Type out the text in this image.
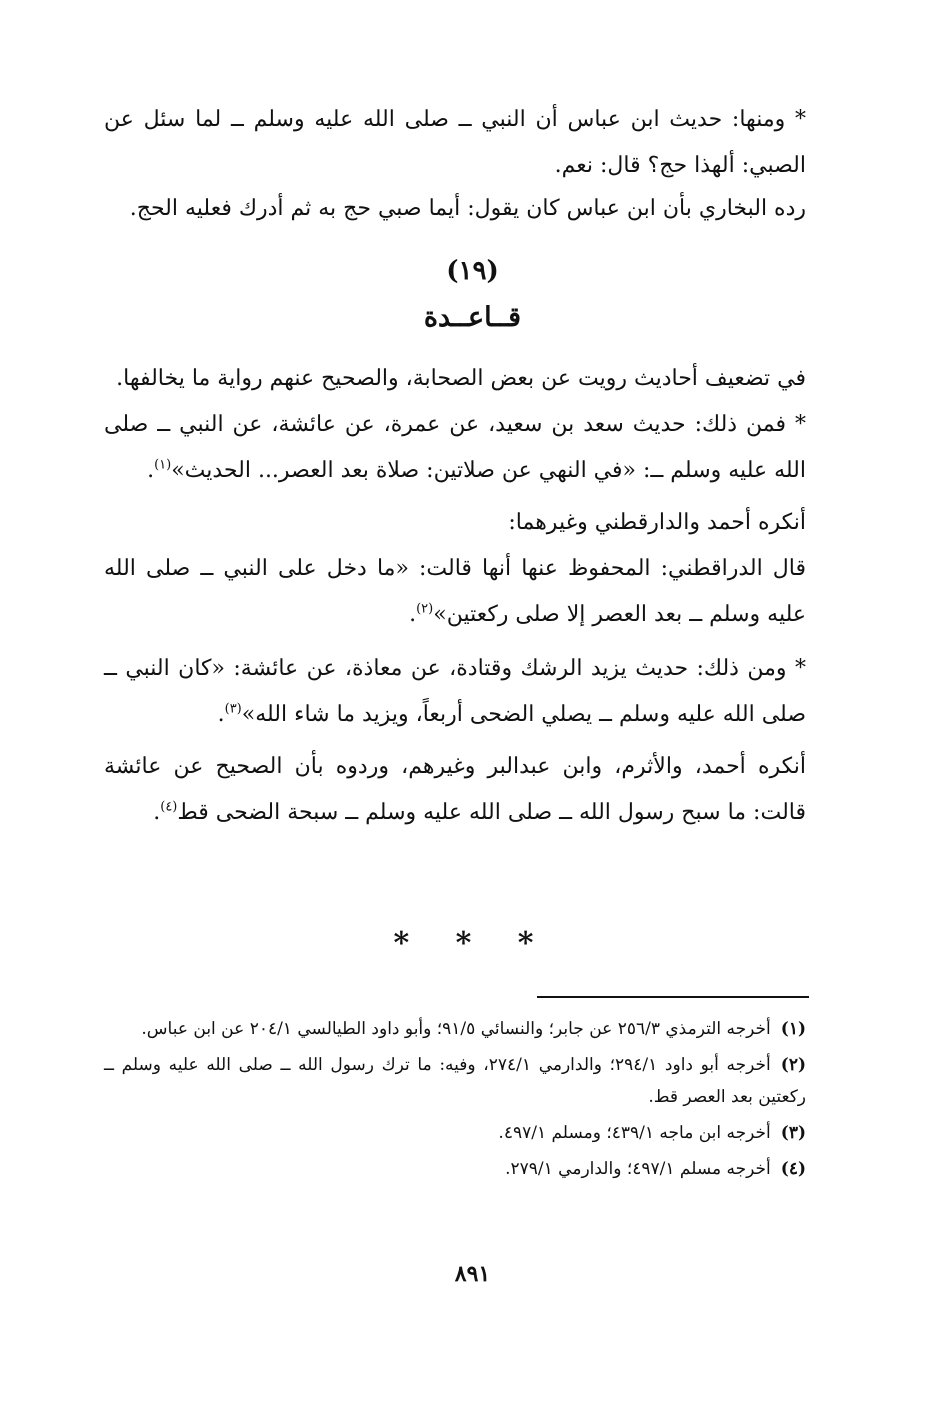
* ومنها: حديث ابن عباس أن النبي ــ صلى الله عليه وسلم ــ لما سئل عن الصبي: ألهذا حج؟ قال: نعم.

رده البخاري بأن ابن عباس كان يقول: أيما صبي حج به ثم أدرك فعليه الحج.

(١٩)
قــاعــدة

في تضعيف أحاديث رويت عن بعض الصحابة، والصحيح عنهم رواية ما يخالفها.

* فمن ذلك: حديث سعد بن سعيد، عن عمرة، عن عائشة، عن النبي ــ صلى الله عليه وسلم ــ: «في النهي عن صلاتين: صلاة بعد العصر... الحديث»$^{(١)}$.

أنكره أحمد والدارقطني وغيرهما:

قال الدراقطني: المحفوظ عنها أنها قالت: «ما دخل على النبي ــ صلى الله عليه وسلم ــ بعد العصر إلا صلى ركعتين»$^{(٢)}$.

* ومن ذلك: حديث يزيد الرشك وقتادة، عن معاذة، عن عائشة: «كان النبي ــ صلى الله عليه وسلم ــ يصلي الضحى أربعاً، ويزيد ما شاء الله»$^{(٣)}$.

أنكره أحمد، والأثرم، وابن عبدالبر وغيرهم، وردوه بأن الصحيح عن عائشة قالت: ما سبح رسول الله ــ صلى الله عليه وسلم ــ سبحة الضحى قط$^{(٤)}$.

* * *

(١)أخرجه الترمذي ٢٥٦/٣ عن جابر؛ والنسائي ٩١/٥؛ وأبو داود الطيالسي ٢٠٤/١ عن ابن عباس.

(٢)أخرجه أبو داود ٢٩٤/١؛ والدارمي ٢٧٤/١، وفيه: ما ترك رسول الله ــ صلى الله عليه وسلم ــ ركعتين بعد العصر قط.

(٣)أخرجه ابن ماجه ٤٣٩/١؛ ومسلم ٤٩٧/١.

(٤)أخرجه مسلم ٤٩٧/١؛ والدارمي ٢٧٩/١.

٨٩١
